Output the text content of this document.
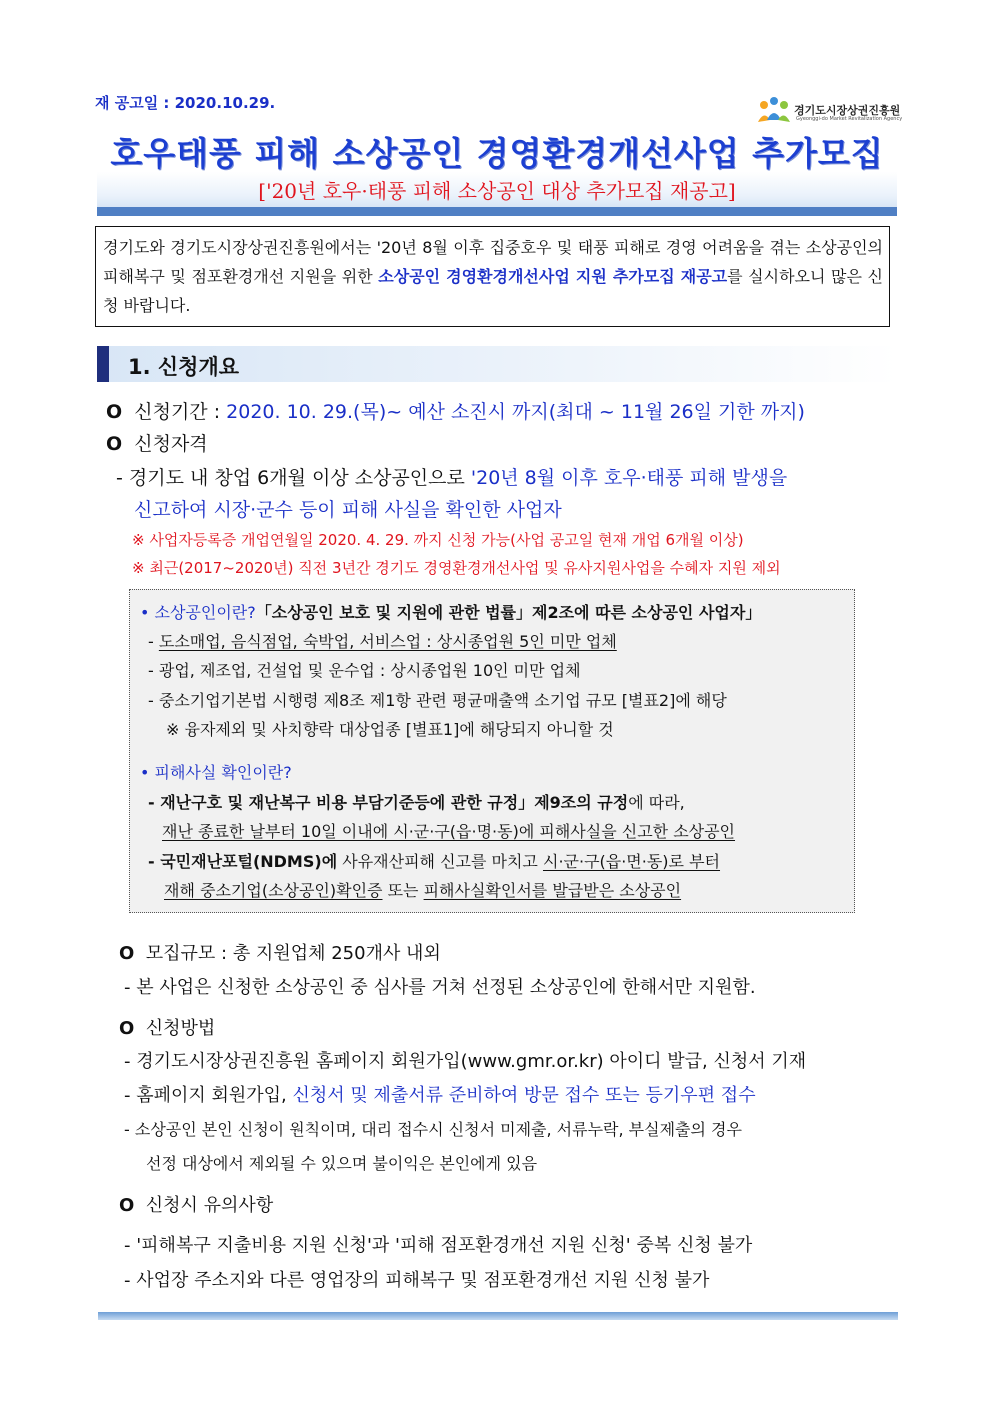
재 공고일 : 2020.10.29.	경기도시장상권진흥원
Gyeonggi-do Market Revitalization Agency
호우태풍 피해 소상공인 경영환경개선사업 추가모집
['20년 호우·태풍 피해 소상공인 대상 추가모집 재공고]
경기도와 경기도시장상권진흥원에서는 '20년 8월 이후 집중호우 및 태풍 피해로 경영 어려움을 겪는 소상공인의 피해복구 및 점포환경개선 지원을 위한 소상공인 경영환경개선사업 지원 추가모집 재공고를 실시하오니 많은 신청 바랍니다.
1. 신청개요
O 신청기간 : 2020. 10. 29.(목)~ 예산 소진시 까지(최대 ~ 11월 26일 기한 까지)
O 신청자격
- 경기도 내 창업 6개월 이상 소상공인으로 '20년 8월 이후 호우·태풍 피해 발생을
신고하여 시장·군수 등이 피해 사실을 확인한 사업자
※ 사업자등록증 개업연월일 2020. 4. 29. 까지 신청 가능(사업 공고일 현재 개업 6개월 이상)
※ 최근(2017~2020년) 직전 3년간 경기도 경영환경개선사업 및 유사지원사업을 수혜자 지원 제외
• 소상공인이란?「소상공인 보호 및 지원에 관한 법률」제2조에 따른 소상공인 사업자」
- 도소매업, 음식점업, 숙박업, 서비스업 : 상시종업원 5인 미만 업체
- 광업, 제조업, 건설업 및 운수업 : 상시종업원 10인 미만 업체
- 중소기업기본법 시행령 제8조 제1항 관련 평균매출액 소기업 규모 [별표2]에 해당
※ 융자제외 및 사치향락 대상업종 [별표1]에 해당되지 아니할 것
• 피해사실 확인이란?
- 재난구호 및 재난복구 비용 부담기준등에 관한 규정」제9조의 규정에 따라,
재난 종료한 날부터 10일 이내에 시·군·구(읍·명·동)에 피해사실을 신고한 소상공인
- 국민재난포털(NDMS)에 사유재산피해 신고를 마치고 시·군·구(읍·면·동)로 부터
재해 중소기업(소상공인)확인증 또는 피해사실확인서를 발급받은 소상공인
O 모집규모 : 총 지원업체 250개사 내외
- 본 사업은 신청한 소상공인 중 심사를 거쳐 선정된 소상공인에 한해서만 지원함.
O 신청방법
- 경기도시장상권진흥원 홈페이지 회원가입(www.gmr.or.kr) 아이디 발급, 신청서 기재
- 홈페이지 회원가입, 신청서 및 제출서류 준비하여 방문 접수 또는 등기우편 접수
- 소상공인 본인 신청이 원칙이며, 대리 접수시 신청서 미제출, 서류누락, 부실제출의 경우
선정 대상에서 제외될 수 있으며 불이익은 본인에게 있음
O 신청시 유의사항
- '피해복구 지출비용 지원 신청'과 '피해 점포환경개선 지원 신청' 중복 신청 불가
- 사업장 주소지와 다른 영업장의 피해복구 및 점포환경개선 지원 신청 불가
